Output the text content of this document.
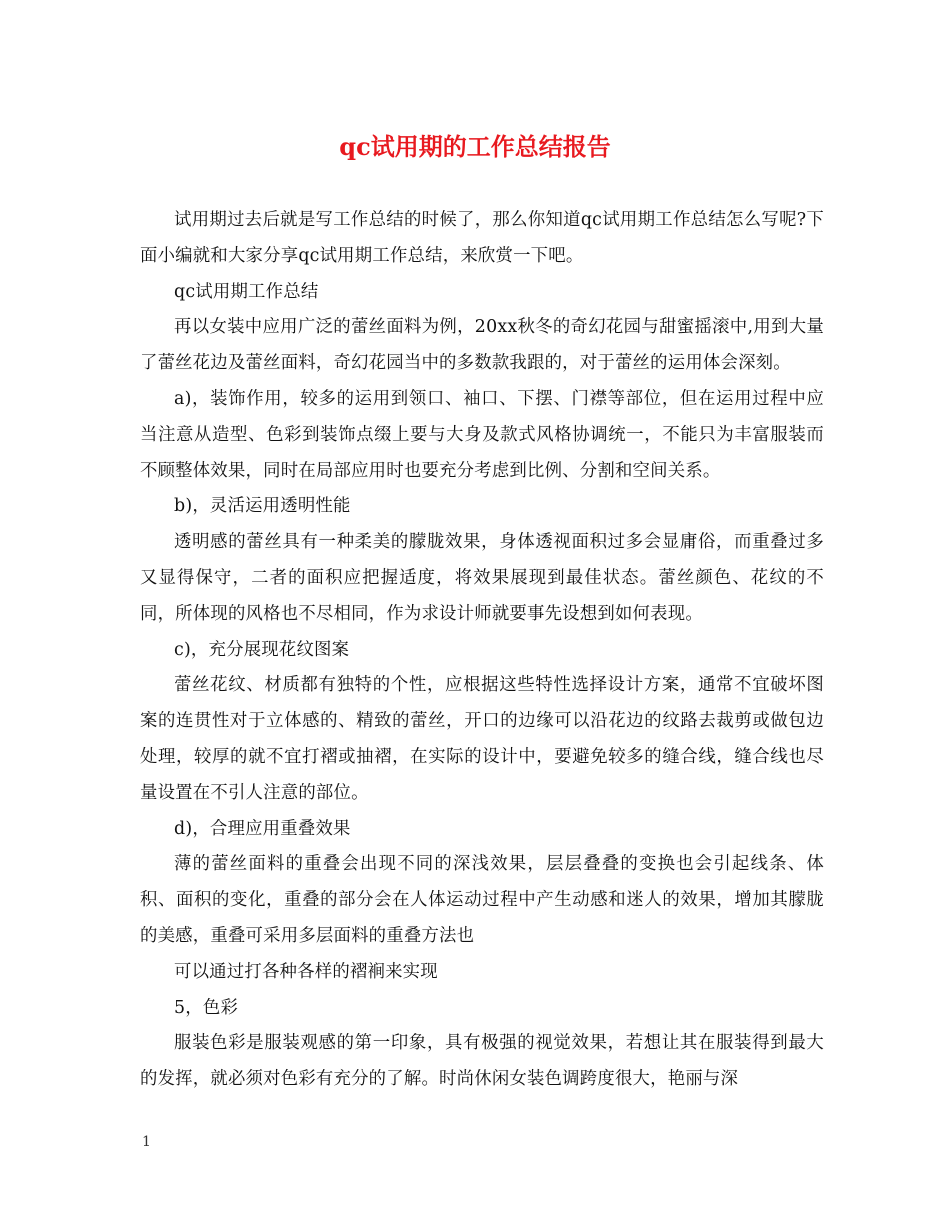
qc试用期的工作总结报告

试用期过去后就是写工作总结的时候了，那么你知道qc试用期工作总结怎么写呢?下面小编就和大家分享qc试用期工作总结，来欣赏一下吧。

qc试用期工作总结

再以女装中应用广泛的蕾丝面料为例，20xx秋冬的奇幻花园与甜蜜摇滚中,用到大量了蕾丝花边及蕾丝面料，奇幻花园当中的多数款我跟的，对于蕾丝的运用体会深刻。

a)，装饰作用，较多的运用到领口、袖口、下摆、门襟等部位，但在运用过程中应当注意从造型、色彩到装饰点缀上要与大身及款式风格协调统一，不能只为丰富服装而不顾整体效果，同时在局部应用时也要充分考虑到比例、分割和空间关系。

b)，灵活运用透明性能

透明感的蕾丝具有一种柔美的朦胧效果，身体透视面积过多会显庸俗，而重叠过多又显得保守，二者的面积应把握适度，将效果展现到最佳状态。蕾丝颜色、花纹的不同，所体现的风格也不尽相同，作为求设计师就要事先设想到如何表现。

c)，充分展现花纹图案

蕾丝花纹、材质都有独特的个性，应根据这些特性选择设计方案，通常不宜破坏图案的连贯性对于立体感的、精致的蕾丝，开口的边缘可以沿花边的纹路去裁剪或做包边处理，较厚的就不宜打褶或抽褶，在实际的设计中，要避免较多的缝合线，缝合线也尽量设置在不引人注意的部位。

d)，合理应用重叠效果

薄的蕾丝面料的重叠会出现不同的深浅效果，层层叠叠的变换也会引起线条、体积、面积的变化，重叠的部分会在人体运动过程中产生动感和迷人的效果，增加其朦胧的美感，重叠可采用多层面料的重叠方法也

可以通过打各种各样的褶裥来实现

5，色彩

服装色彩是服装观感的第一印象，具有极强的视觉效果，若想让其在服装得到最大的发挥，就必须对色彩有充分的了解。时尚休闲女装色调跨度很大，艳丽与深

1
